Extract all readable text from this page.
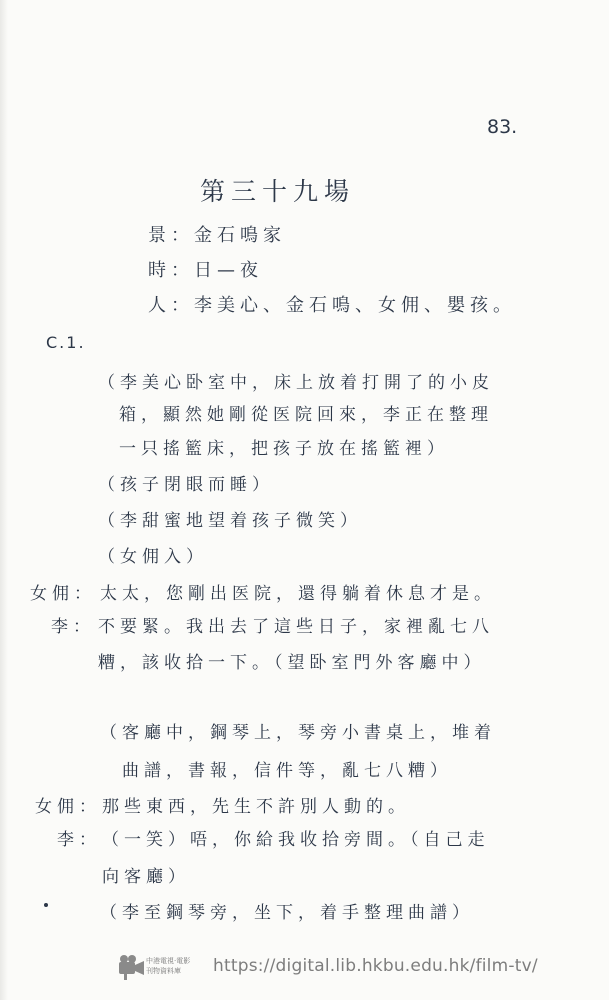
83.
第三十九場
景：金石鳴家
時：日—夜
人：李美心、金石鳴、女佣、嬰孩。
C.1.
（李美心卧室中，床上放着打開了的小皮
箱，顯然她剛從医院回來，李正在整理
一只搖籃床，把孩子放在搖籃裡）
（孩子閉眼而睡）
（李甜蜜地望着孩子微笑）
（女佣入）
女佣： 太太，您剛出医院，還得躺着休息才是。
李： 不要緊。我出去了這些日子，家裡亂七八
糟，該收拾一下。（望卧室門外客廳中）
（客廳中，鋼琴上，琴旁小書桌上，堆着
曲譜，書報，信件等，亂七八糟）
女佣： 那些東西，先生不許別人動的。
李： （一笑）唔，你給我收拾旁間。（自己走
向客廳）
（李至鋼琴旁，坐下，着手整理曲譜）
中港電視·電影
刊物資料庫	https://digital.lib.hkbu.edu.hk/film-tv/
